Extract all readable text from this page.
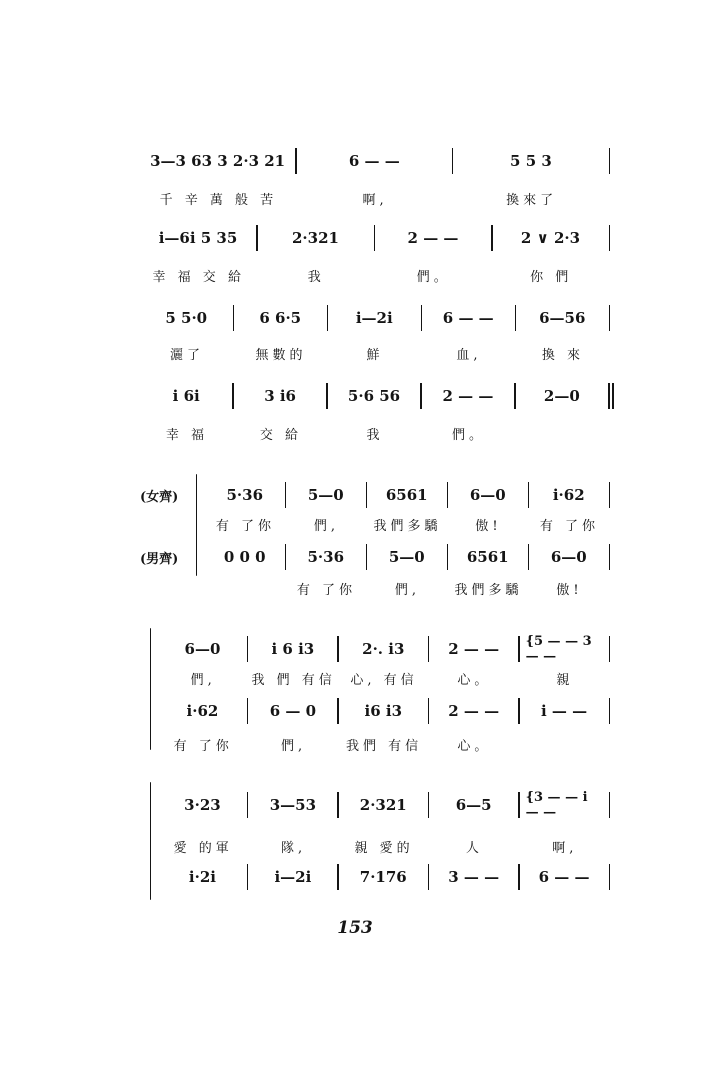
3—3 63 3 2·3 21	6 — —	5 5 3
千 辛 萬 般 苦	啊,	換來了
i—6i 5 35	2·321	2 — —	2 ∨ 2·3
幸 福 交 給	我	們。	你 們
5 5·0	6 6·5	i—2i	6 — —	6—56
灑了	無數的	鮮	血,	換 來
i 6i	3 i6	5·6 56	2 — —	2—0
幸 福	交 給	我	們。
(女齊)
(男齊)
5·36	5—0	6561	6—0	i·62
有 了你	們,	我們多驕	傲!	有 了你
0 0 0	5·36	5—0	6561	6—0
有 了你	們,	我們多驕	傲!
6—0	i 6 i3	2·. i3	2 — —	{5 — — 3 — —
們,	我 們 有信	心, 有信	心。	親
i·62	6 — 0	i6 i3	2 — —	i — —
有 了你	們,	我們 有信	心。
3·23	3—53	2·321	6—5	{3 — — i — —
愛 的軍	隊,	親 愛的	人	啊,
i·2i	i—2i	7·176	3 — —	6 — —
153
